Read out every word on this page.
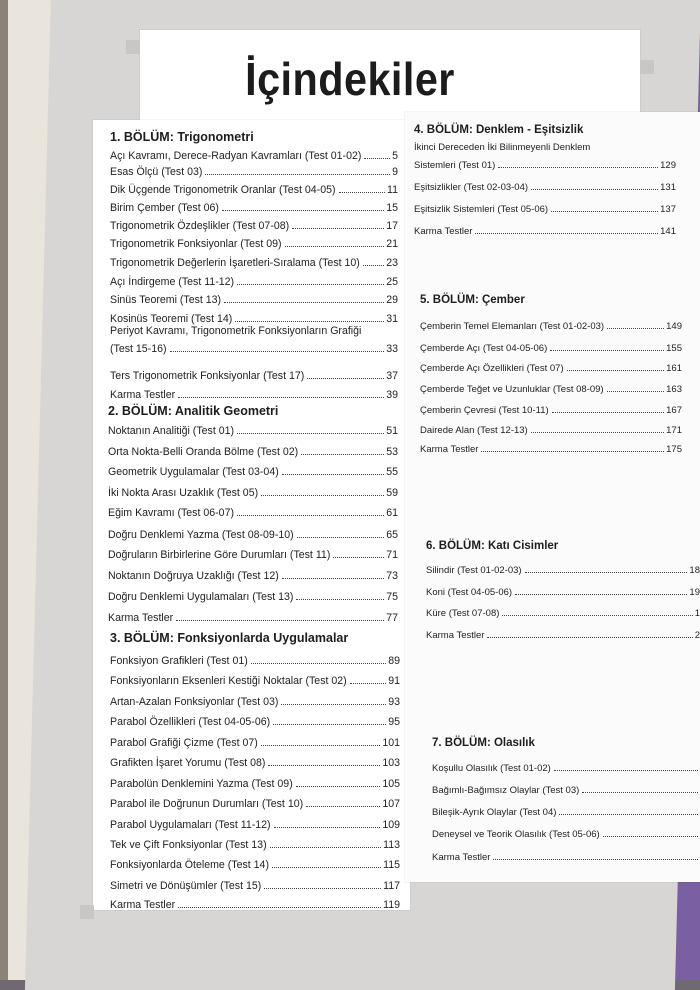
İçindekiler
1. BÖLÜM: Trigonometri
Açı Kavramı, Derece-Radyan Kavramları (Test 01-02)	5
Esas Ölçü (Test 03)	9
Dik Üçgende Trigonometrik Oranlar (Test 04-05)	11
Birim Çember (Test 06)	15
Trigonometrik Özdeşlikler (Test 07-08)	17
Trigonometrik Fonksiyonlar (Test 09)	21
Trigonometrik Değerlerin İşaretleri-Sıralama (Test 10) 23
Açı İndirgeme (Test 11-12)	25
Sinüs Teoremi (Test 13)	29
Kosinüs Teoremi (Test 14)	31
Periyot Kavramı, Trigonometrik Fonksiyonların Grafiği
(Test 15-16)	33
Ters Trigonometrik Fonksiyonlar (Test 17)	37
Karma Testler	39
2. BÖLÜM: Analitik Geometri
Noktanın Analitiği (Test 01)	51
Orta Nokta-Belli Oranda Bölme (Test 02)	53
Geometrik Uygulamalar (Test 03-04)	55
İki Nokta Arası Uzaklık (Test 05)	59
Eğim Kavramı (Test 06-07)	61
Doğru Denklemi Yazma (Test 08-09-10)	65
Doğruların Birbirlerine Göre Durumları (Test 11)	71
Noktanın Doğruya Uzaklığı (Test 12)	73
Doğru Denklemi Uygulamaları (Test 13)	75
Karma Testler	77
3. BÖLÜM: Fonksiyonlarda Uygulamalar
Fonksiyon Grafikleri (Test 01)	89
Fonksiyonların Eksenleri Kestiği Noktalar (Test 02)	91
Artan-Azalan Fonksiyonlar (Test 03)	93
Parabol Özellikleri (Test 04-05-06)	95
Parabol Grafiği Çizme (Test 07)	101
Grafikten İşaret Yorumu (Test 08)	103
Parabolün Denklemini Yazma (Test 09)	105
Parabol ile Doğrunun Durumları (Test 10)	107
Parabol Uygulamaları (Test 11-12)	109
Tek ve Çift Fonksiyonlar (Test 13)	113
Fonksiyonlarda Öteleme (Test 14)	115
Simetri ve Dönüşümler (Test 15)	117
Karma Testler	119
4. BÖLÜM: Denklem - Eşitsizlik
İkinci Dereceden İki Bilinmeyenli Denklem
Sistemleri (Test 01)	129
Eşitsizlikler (Test 02-03-04)	131
Eşitsizlik Sistemleri (Test 05-06)	137
Karma Testler	141
5. BÖLÜM: Çember
Çemberin Temel Elemanları (Test 01-02-03)	149
Çemberde Açı (Test 04-05-06)	155
Çemberde Açı Özellikleri (Test 07)	161
Çemberde Teğet ve Uzunluklar (Test 08-09)	163
Çemberin Çevresi (Test 10-11)	167
Dairede Alan (Test 12-13)	171
Karma Testler	175
6. BÖLÜM: Katı Cisimler
Silindir (Test 01-02-03)	18
Koni (Test 04-05-06)	19
Küre (Test 07-08)	1
Karma Testler	2
7. BÖLÜM: Olasılık
Koşullu Olasılık (Test 01-02)
Bağımlı-Bağımsız Olaylar (Test 03)
Bileşik-Ayrık Olaylar (Test 04)
Deneysel ve Teorik Olasılık (Test 05-06)
Karma Testler
